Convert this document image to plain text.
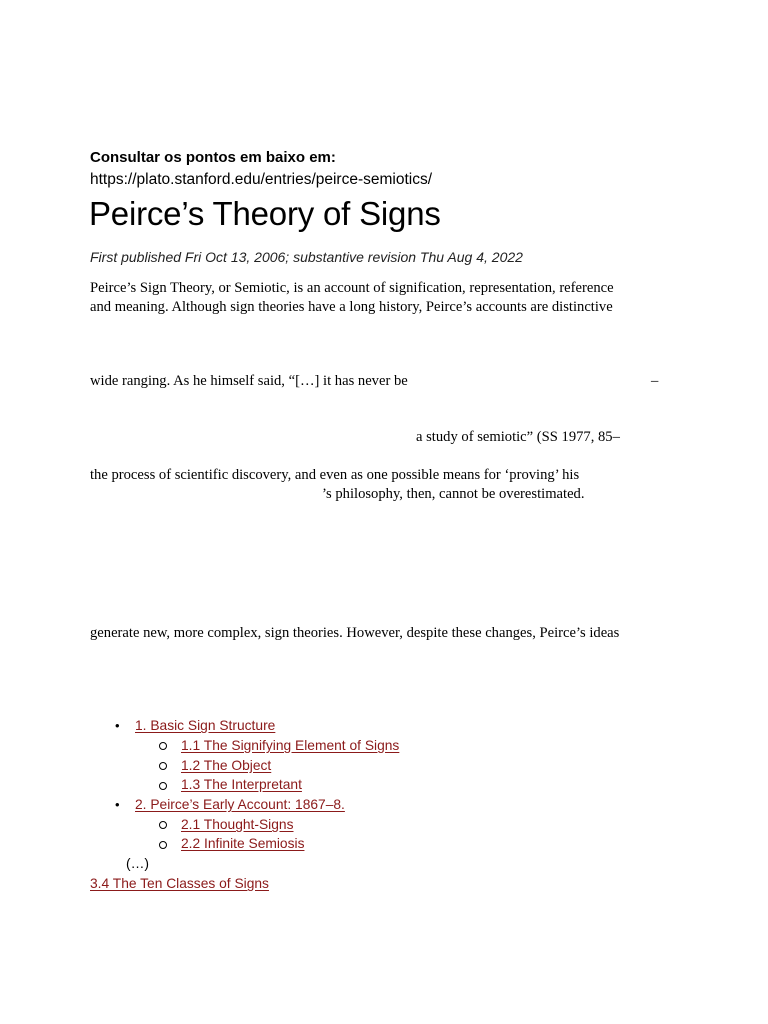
Consultar os pontos em baixo em:
https://plato.stanford.edu/entries/peirce-semiotics/
Peirce’s Theory of Signs
First published Fri Oct 13, 2006; substantive revision Thu Aug 4, 2022
Peirce’s Sign Theory, or Semiotic, is an account of signification, representation, reference
and meaning. Although sign theories have a long history, Peirce’s accounts are distinctive
wide ranging. As he himself said, “[…] it has never be	–
a study of semiotic” (SS 1977, 85–
the process of scientific discovery, and even as one possible means for ‘proving’ his
’s philosophy, then, cannot be overestimated.
generate new, more complex, sign theories. However, despite these changes, Peirce’s ideas
• 1. Basic Sign Structure
1.1 The Signifying Element of Signs
1.2 The Object
1.3 The Interpretant
• 2. Peirce’s Early Account: 1867–8.
2.1 Thought-Signs
2.2 Infinite Semiosis
(…)
3.4 The Ten Classes of Signs
